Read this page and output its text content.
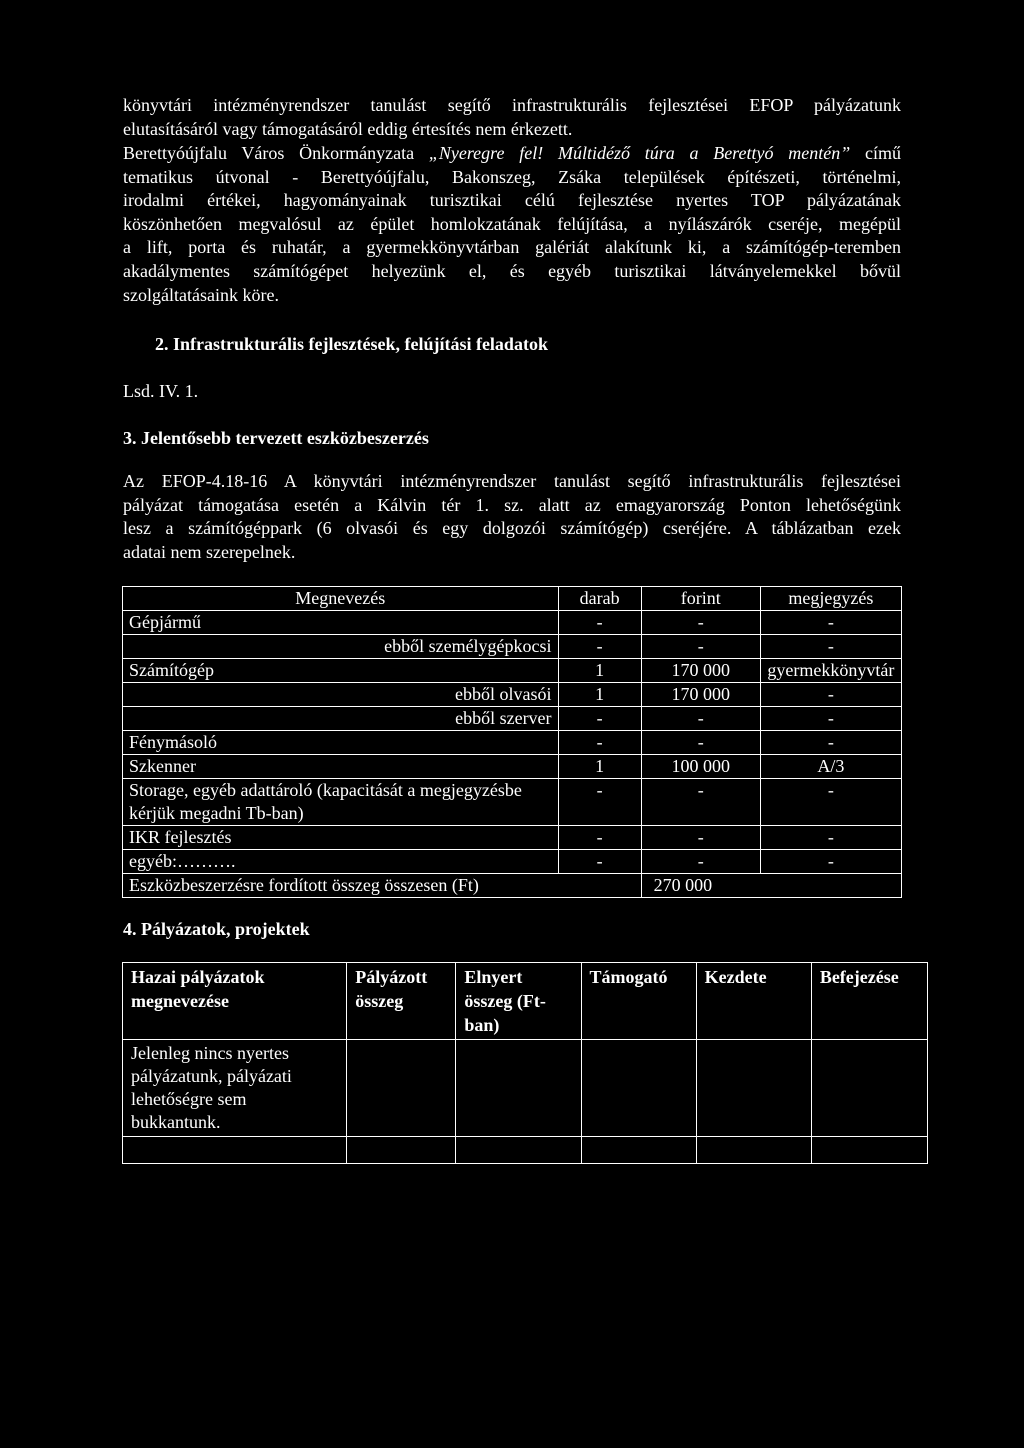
könyvtári intézményrendszer tanulást segítő infrastrukturális fejlesztései EFOP pályázatunk
elutasításáról vagy támogatásáról eddig értesítés nem érkezett.

Berettyóújfalu Város Önkormányzata „Nyeregre fel! Múltidéző túra a Berettyó mentén” című
tematikus útvonal - Berettyóújfalu, Bakonszeg, Zsáka települések építészeti, történelmi,
irodalmi értékei, hagyományainak turisztikai célú fejlesztése nyertes TOP pályázatának
köszönhetően megvalósul az épület homlokzatának felújítása, a nyílászárók cseréje, megépül
a lift, porta és ruhatár, a gyermekkönyvtárban galériát alakítunk ki, a számítógép-teremben
akadálymentes számítógépet helyezünk el, és egyéb turisztikai látványelemekkel bővül
szolgáltatásaink köre.

2. Infrastrukturális fejlesztések, felújítási feladatok

Lsd. IV. 1.

3. Jelentősebb tervezett eszközbeszerzés

Az EFOP-4.18-16 A könyvtári intézményrendszer tanulást segítő infrastrukturális fejlesztései
pályázat támogatása esetén a Kálvin tér 1. sz. alatt az emagyarország Ponton lehetőségünk
lesz a számítógéppark (6 olvasói és egy dolgozói számítógép) cseréjére. A táblázatban ezek
adatai nem szerepelnek.

Megnevezés	darab	forint	megjegyzés
Gépjármű	-	-	-
ebből személygépkocsi	-	-	-
Számítógép	1	170 000	gyermekkönyvtár
ebből olvasói	1	170 000	-
ebből szerver	-	-	-
Fénymásoló	-	-	-
Szkenner	1	100 000	A/3
Storage, egyéb adattároló (kapacitását a megjegyzésbe kérjük megadni Tb-ban)	-	-	-
IKR fejlesztés	-	-	-
egyéb:……….	-	-	-
Eszközbeszerzésre fordított összeg összesen (Ft)		270 000	

4. Pályázatok, projektek

Hazai pályázatok megnevezése	Pályázott összeg	Elnyert összeg (Ft-ban)	Támogató	Kezdete	Befejezése
Jelenleg nincs nyertes pályázatunk, pályázati lehetőségre sem bukkantunk.					
